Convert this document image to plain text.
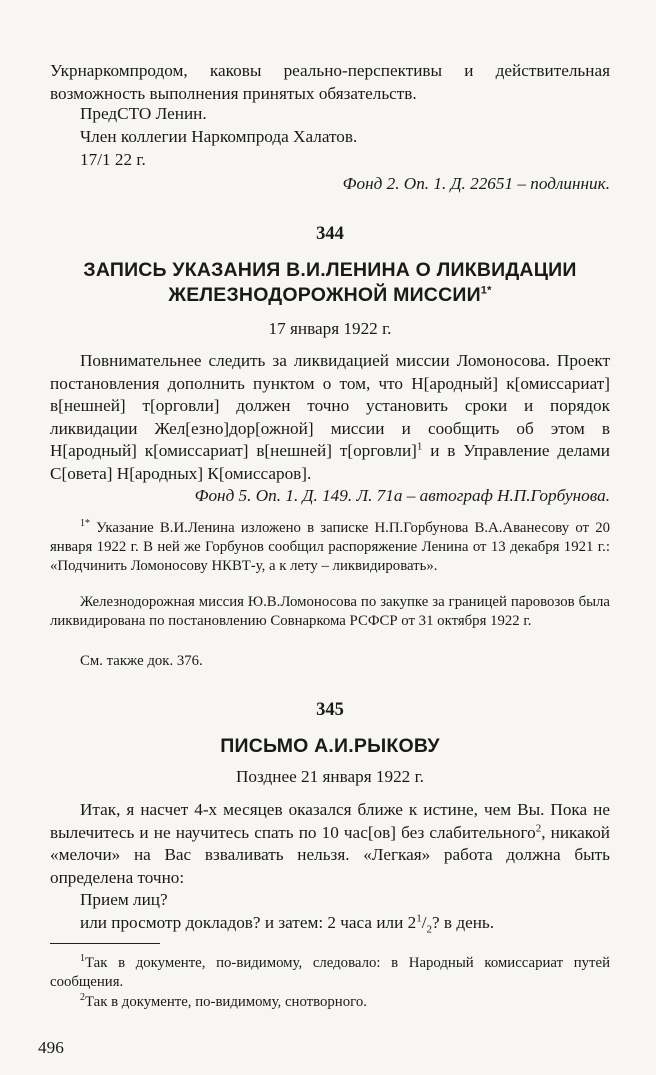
Укрнаркомпродом, каковы реально-перспективы и действительная возможность выполнения принятых обязательств.

ПредСТО Ленин.

Член коллегии Наркомпрода Халатов.

17/1 22 г.

Фонд 2. Оп. 1. Д. 22651 – подлинник.

344

ЗАПИСЬ УКАЗАНИЯ В.И.ЛЕНИНА О ЛИКВИДАЦИИ
ЖЕЛЕЗНОДОРОЖНОЙ $МИССИИ^{1*}$

17 января 1922 г.

Повнимательнее следить за ликвидацией миссии Ломоносова. Проект постановления дополнить пунктом о том, что Н[ародный] к[омиссариат] в[нешней] т[орговли] должен точно установить сроки и порядок ликвидации Жел[езно]дор[ожной] миссии и сообщить об этом в Н[ародный] к[омиссариат] в[нешней] т[орговли]$^1$ и в Управление делами С[овета] Н[ародных] К[омиссаров].

Фонд 5. Оп. 1. Д. 149. Л. 71а – автограф Н.П.Горбунова.

$^{1*}$ Указание В.И.Ленина изложено в записке Н.П.Горбунова В.А.Аванесову от 20 января 1922 г. В ней же Горбунов сообщил распоряжение Ленина от 13 декабря 1921 г.: «Подчинить Ломоносову НКВТ-у, а к лету – ликвидировать».

Железнодорожная миссия Ю.В.Ломоносова по закупке за границей паровозов была ликвидирована по постановлению Совнаркома РСФСР от 31 октября 1922 г.

См. также док. 376.

345

ПИСЬМО А.И.РЫКОВУ

Позднее 21 января 1922 г.

Итак, я насчет 4-х месяцев оказался ближе к истине, чем Вы. Пока не вылечитесь и не научитесь спать по 10 час[ов] без слабительного$^2$, никакой «мелочи» на Вас взваливать нельзя. «Легкая» работа должна быть определена точно:

Прием лиц?

или просмотр докладов? и затем: 2 часа или $2^1/_2$? в день.

$^1$Так в документе, по-видимому, следовало: в Народный комиссариат путей сообщения.

$^2$Так в документе, по-видимому, снотворного.

496
